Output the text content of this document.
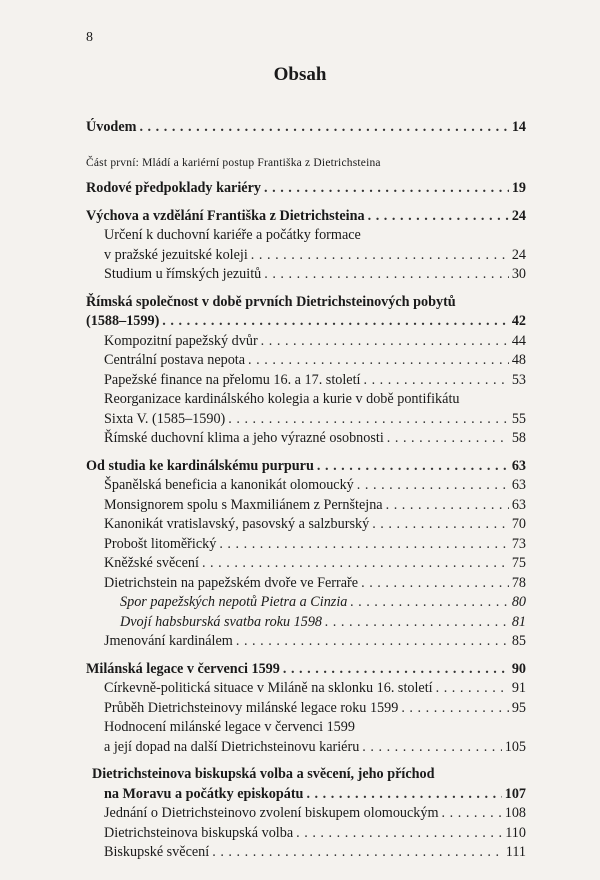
8
Obsah
Úvodem . . .	14
Část první: Mládí a kariérní postup Františka z Dietrichsteina
Rodové předpoklady kariéry . . .	19
Výchova a vzdělání Františka z Dietrichsteina . . .	24
Určení k duchovní kariéře a počátky formace
v pražské jezuitské koleji . . .	24
Studium u římských jezuitů . . .	30
Římská společnost v době prvních Dietrichsteinových pobytů
(1588–1599) . . .	42
Kompozitní papežský dvůr . . .	44
Centrální postava nepota . . .	48
Papežské finance na přelomu 16. a 17. století . . .	53
Reorganizace kardinálského kolegia a kurie v době pontifikátu
Sixta V. (1585–1590) . . .	55
Římské duchovní klima a jeho výrazné osobnosti . . .	58
Od studia ke kardinálskému purpuru . . .	63
Španělská beneficia a kanonikát olomoucký . . .	63
Monsignorem spolu s Maxmiliánem z Pernštejna . . .	63
Kanonikát vratislavský, pasovský a salzburský . . .	70
Probošt litoměřický . . .	73
Kněžské svěcení . . .	75
Dietrichstein na papežském dvoře ve Ferraře . . .	78
Spor papežských nepotů Pietra a Cinzia . . .	80
Dvojí habsburská svatba roku 1598 . . .	81
Jmenování kardinálem . . .	85
Milánská legace v červenci 1599 . . .	90
Církevně-politická situace v Miláně na sklonku 16. století . . .	91
Průběh Dietrichsteinovy milánské legace roku 1599 . . .	95
Hodnocení milánské legace v červenci 1599
a její dopad na další Dietrichsteinovu kariéru . . .	105
Dietrichsteinova biskupská volba a svěcení, jeho příchod
na Moravu a počátky episkopátu . . .	107
Jednání o Dietrichsteinovo zvolení biskupem olomouckým . . .	108
Dietrichsteinova biskupská volba . . .	110
Biskupské svěcení . . .	111
